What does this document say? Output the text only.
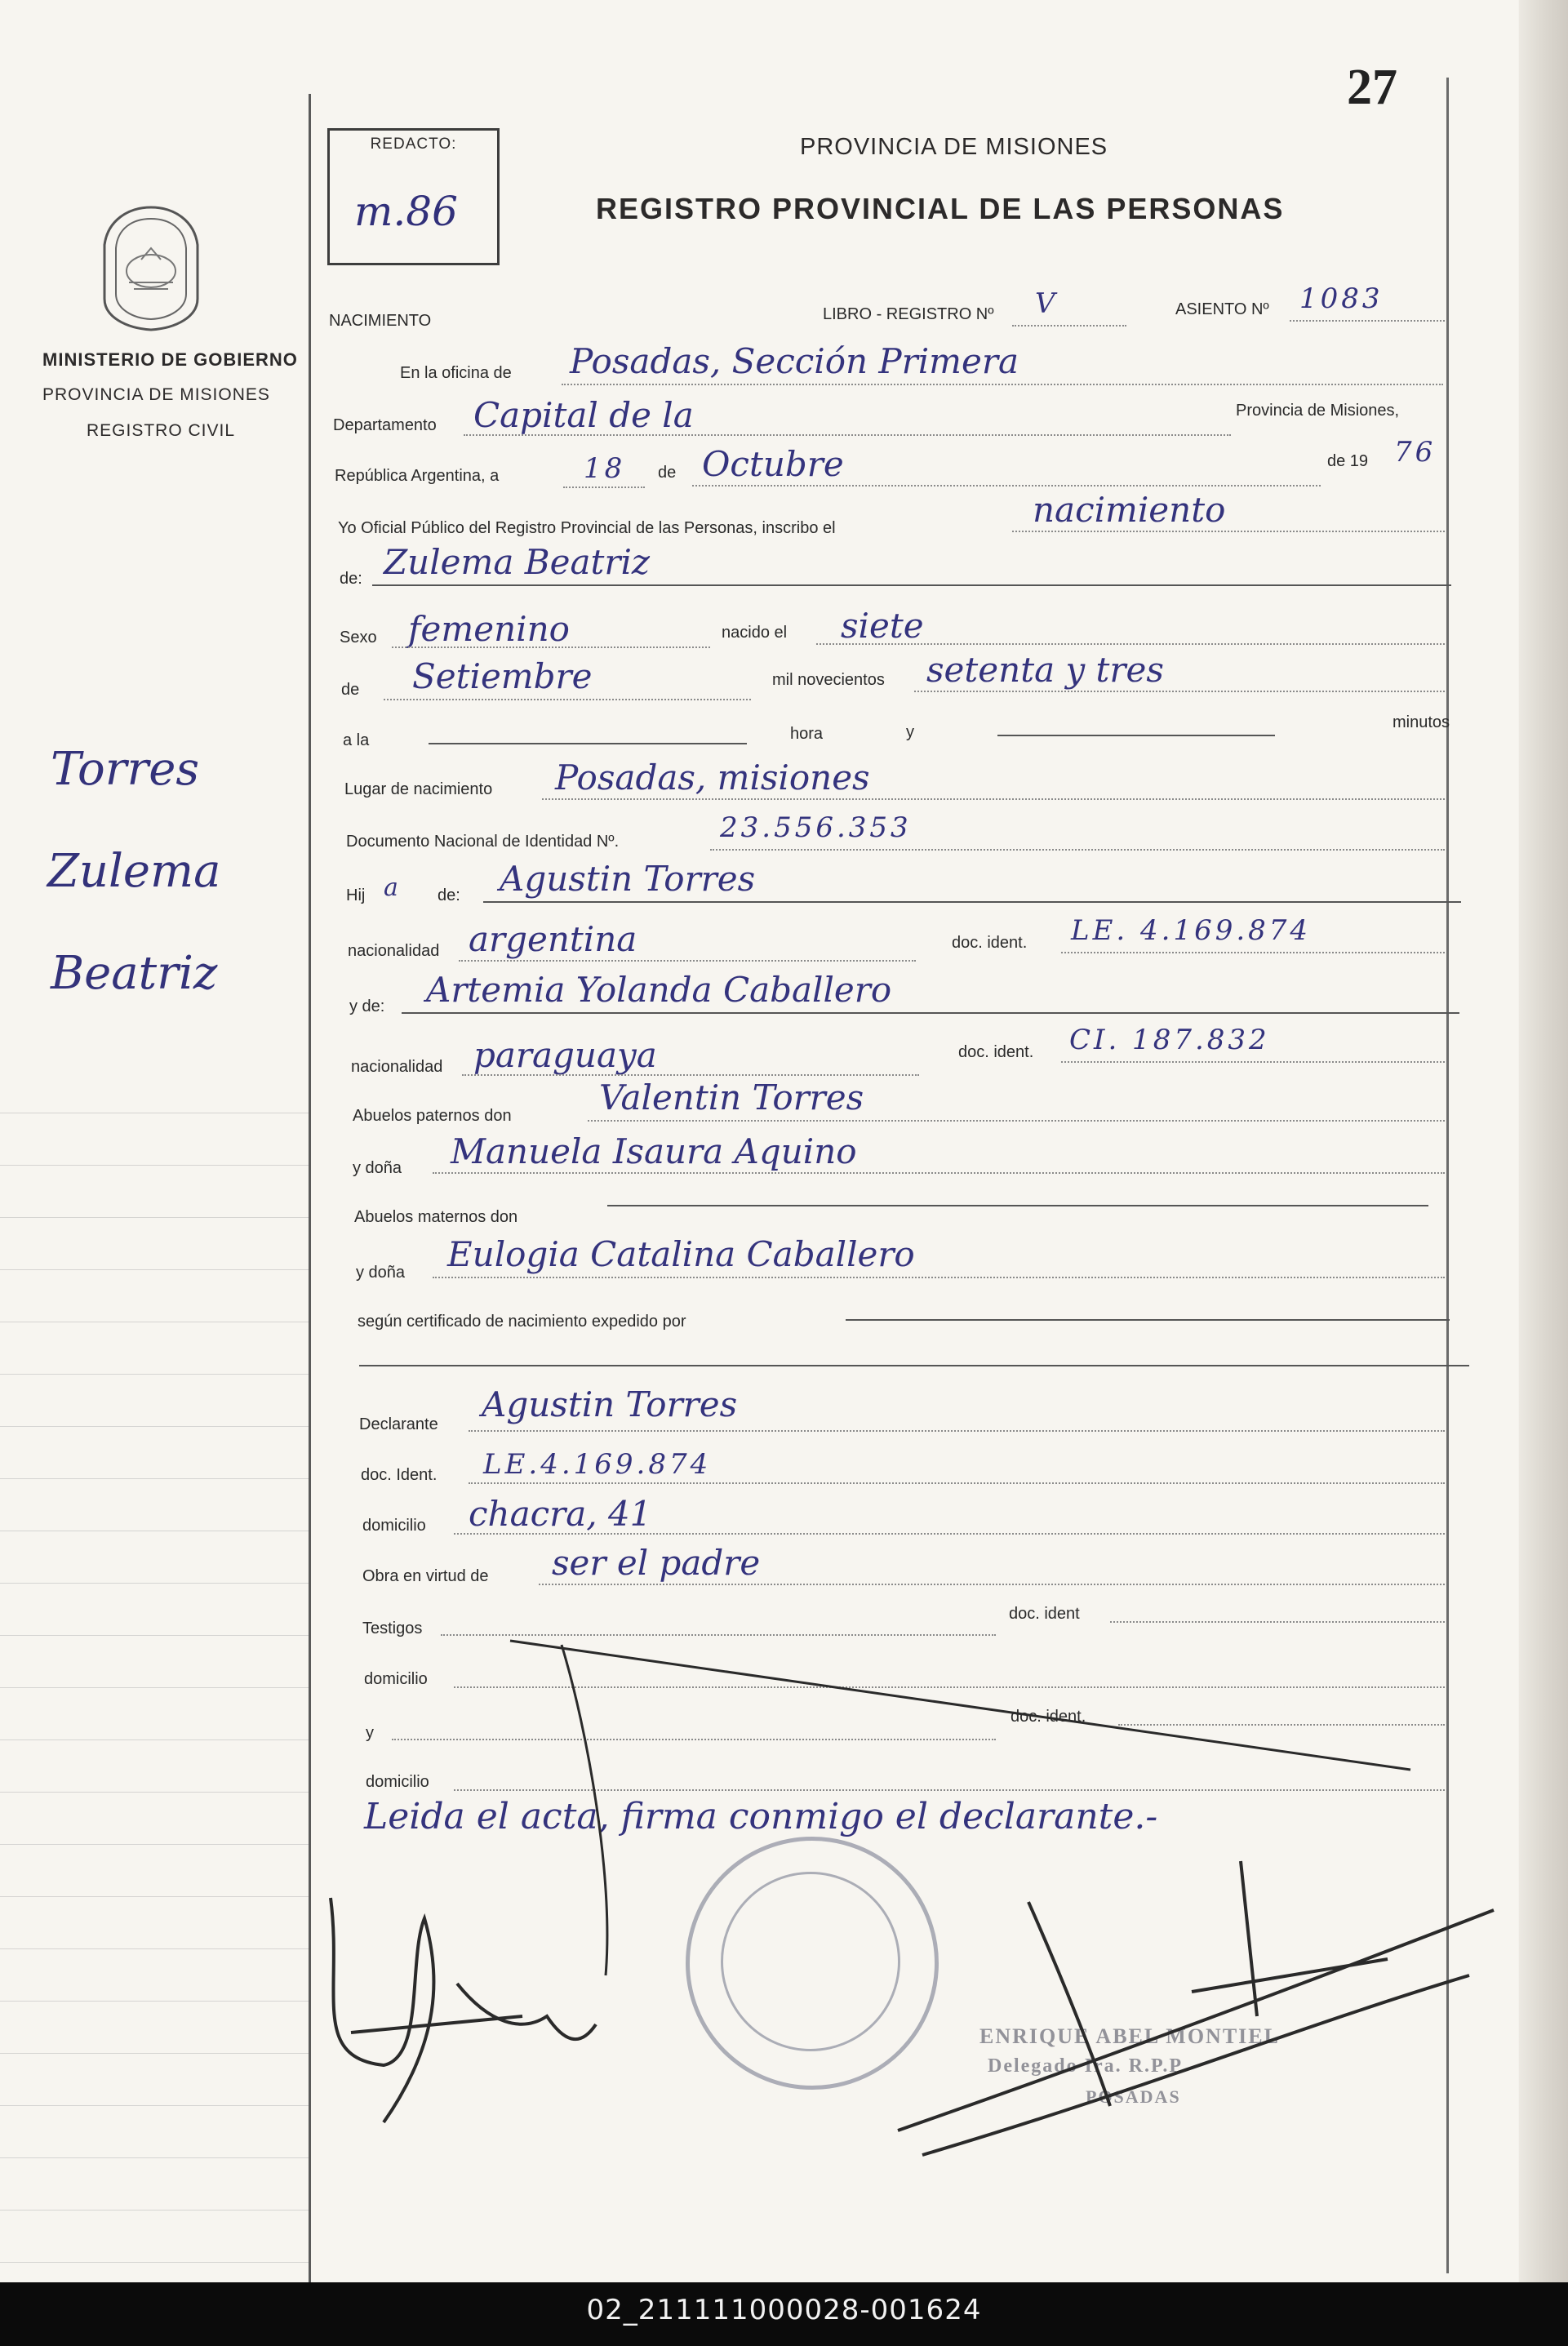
27
REDACTO:
m.86
PROVINCIA DE MISIONES
REGISTRO PROVINCIAL DE LAS PERSONAS
MINISTERIO DE GOBIERNO
PROVINCIA DE MISIONES
REGISTRO CIVIL
Torres
Zulema
Beatriz
NACIMIENTO	LIBRO - REGISTRO Nº V	ASIENTO Nº 1083
En la oficina de Posadas, Sección Primera
Departamento Capital de la	Provincia de Misiones,
República Argentina, a	18 de Octubre	de 19 76
Yo Oficial Público del Registro Provincial de las Personas, inscribo el	nacimiento
de: Zulema Beatriz
Sexo femenino	nacido el siete
de Setiembre	mil novecientos setenta y tres
a la	hora	y
minutos
Lugar de nacimiento Posadas, misiones
Documento Nacional de Identidad Nº.	23.556.353
Hij a de: Agustin Torres
nacionalidad argentina	doc. ident. LE. 4.169.874
y de: Artemia Yolanda Caballero
nacionalidad paraguaya	doc. ident. CI. 187.832
Abuelos paternos don	Valentin Torres
y doña Manuela Isaura Aquino
Abuelos maternos don
y doña Eulogia Catalina Caballero
según certificado de nacimiento expedido por
Declarante Agustin Torres
doc. Ident. LE.4.169.874
domicilio chacra, 41
Obra en virtud de ser el padre
Testigos
doc. ident
domicilio
y
doc. ident.
domicilio
Leida el acta, firma conmigo el declarante.-
ENRIQUE ABEL MONTIEL
Delegado Ira. R.P.P
POSADAS
02_211111000028-001624
